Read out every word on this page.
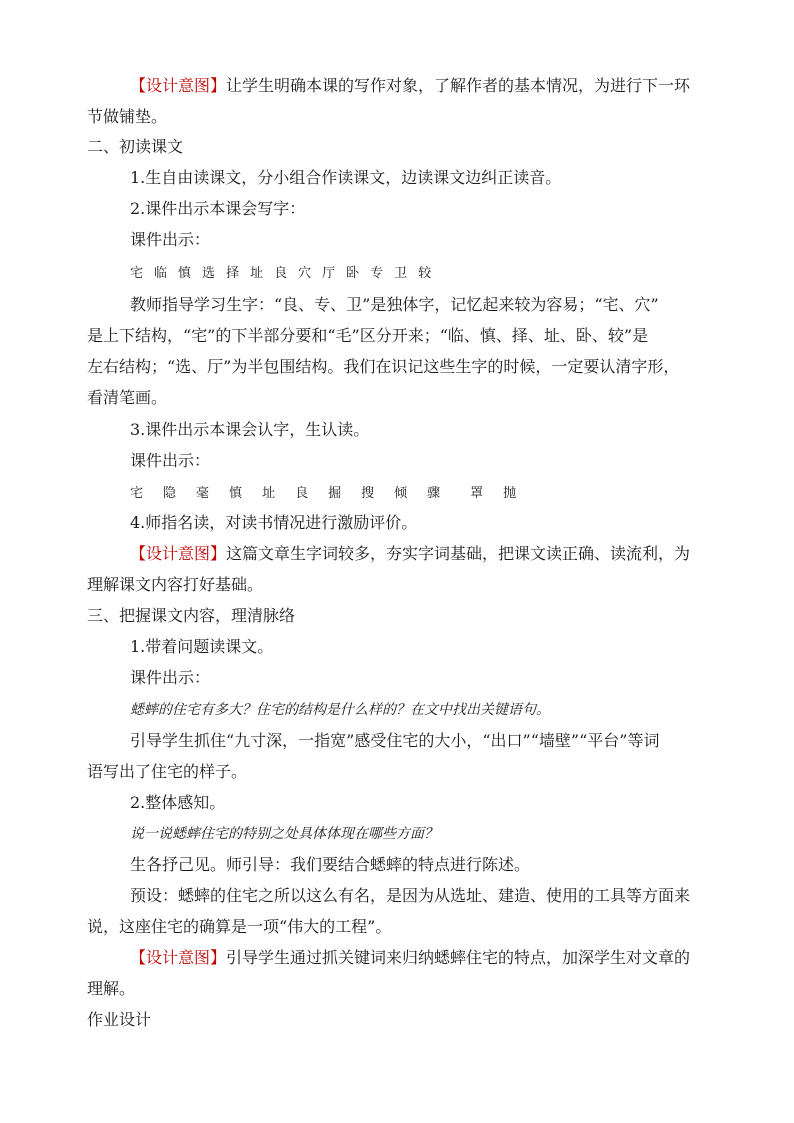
【设计意图】让学生明确本课的写作对象，了解作者的基本情况，为进行下一环
节做铺垫。
二、初读课文
1.生自由读课文，分小组合作读课文，边读课文边纠正读音。
2.课件出示本课会写字：
课件出示：
宅 临 慎 选 择 址 良 穴 厅 卧 专 卫 较
教师指导学习生字：“良、专、卫”是独体字，记忆起来较为容易；“宅、穴”
是上下结构，“宅”的下半部分要和“毛”区分开来；“临、慎、择、址、卧、较”是
左右结构；“选、厅”为半包围结构。我们在识记这些生字的时候，一定要认清字形，
看清笔画。
3.课件出示本课会认字，生认读。
课件出示：
宅 隐 毫 慎 址 良 掘 搜 倾 骤 罩 抛
4.师指名读，对读书情况进行激励评价。
【设计意图】这篇文章生字词较多，夯实字词基础，把课文读正确、读流利，为
理解课文内容打好基础。
三、把握课文内容，理清脉络
1.带着问题读课文。
课件出示：
蟋蟀的住宅有多大？住宅的结构是什么样的？在文中找出关键语句。
引导学生抓住“九寸深，一指宽”感受住宅的大小，“出口”“墙壁”“平台”等词
语写出了住宅的样子。
2.整体感知。
说一说蟋蟀住宅的特别之处具体体现在哪些方面？
生各抒己见。师引导：我们要结合蟋蟀的特点进行陈述。
预设：蟋蟀的住宅之所以这么有名，是因为从选址、建造、使用的工具等方面来
说，这座住宅的确算是一项“伟大的工程”。
【设计意图】引导学生通过抓关键词来归纳蟋蟀住宅的特点，加深学生对文章的
理解。
作业设计
